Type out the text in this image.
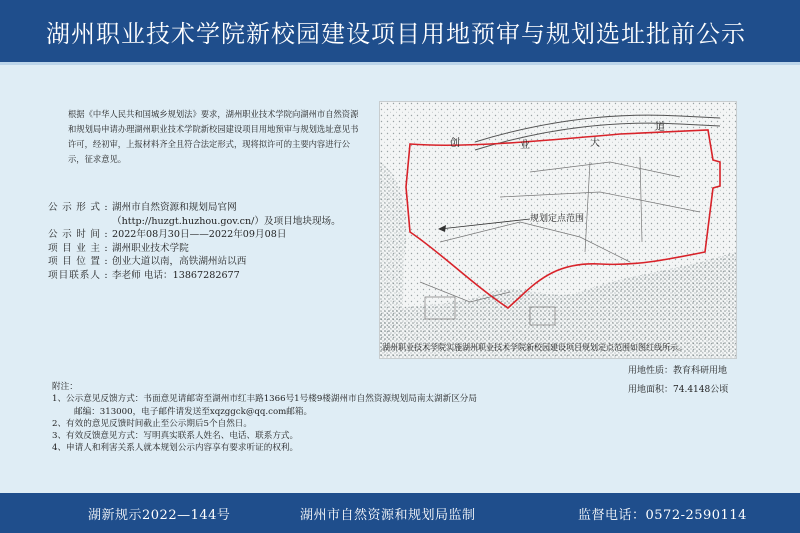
湖州职业技术学院新校园建设项目用地预审与规划选址批前公示
根据《中华人民共和国城乡规划法》要求，湖州职业技术学院向湖州市自然资源和规划局申请办理湖州职业技术学院新校园建设项目用地预审与规划选址意见书许可，经初审，上报材料齐全且符合法定形式，现将拟许可的主要内容进行公示，征求意见。
公示形式 : 湖州市自然资源和规划局官网
（http://huzgt.huzhou.gov.cn/）及项目地块现场。
公示时间 : 2022年08月30日——2022年09月08日
项目业主 : 湖州职业技术学院
项目位置 : 创业大道以南，高铁湖州站以西
项目联系人 : 李老师 电话：13867282677
规划定点范围
创	业	大
道
湖州职业技术学院实施湖州职业技术学院新校园建设项目规划定点范围如图红线所示。
用地性质：教育科研用地
用地面积：74.4148公顷
附注：
1、公示意见反馈方式：书面意见请邮寄至湖州市红丰路1366号1号楼9楼湖州市自然资源规划局南太湖新区分局
邮编：313000，电子邮件请发送至xqzggck@qq.com邮箱。
2、有效的意见反馈时间截止至公示期后5个自然日。
3、有效反馈意见方式：写明真实联系人姓名、电话、联系方式。
4、申请人和利害关系人就本规划公示内容享有要求听证的权利。
湖新规示2022—144号	湖州市自然资源和规划局监制	监督电话：0572-2590114
